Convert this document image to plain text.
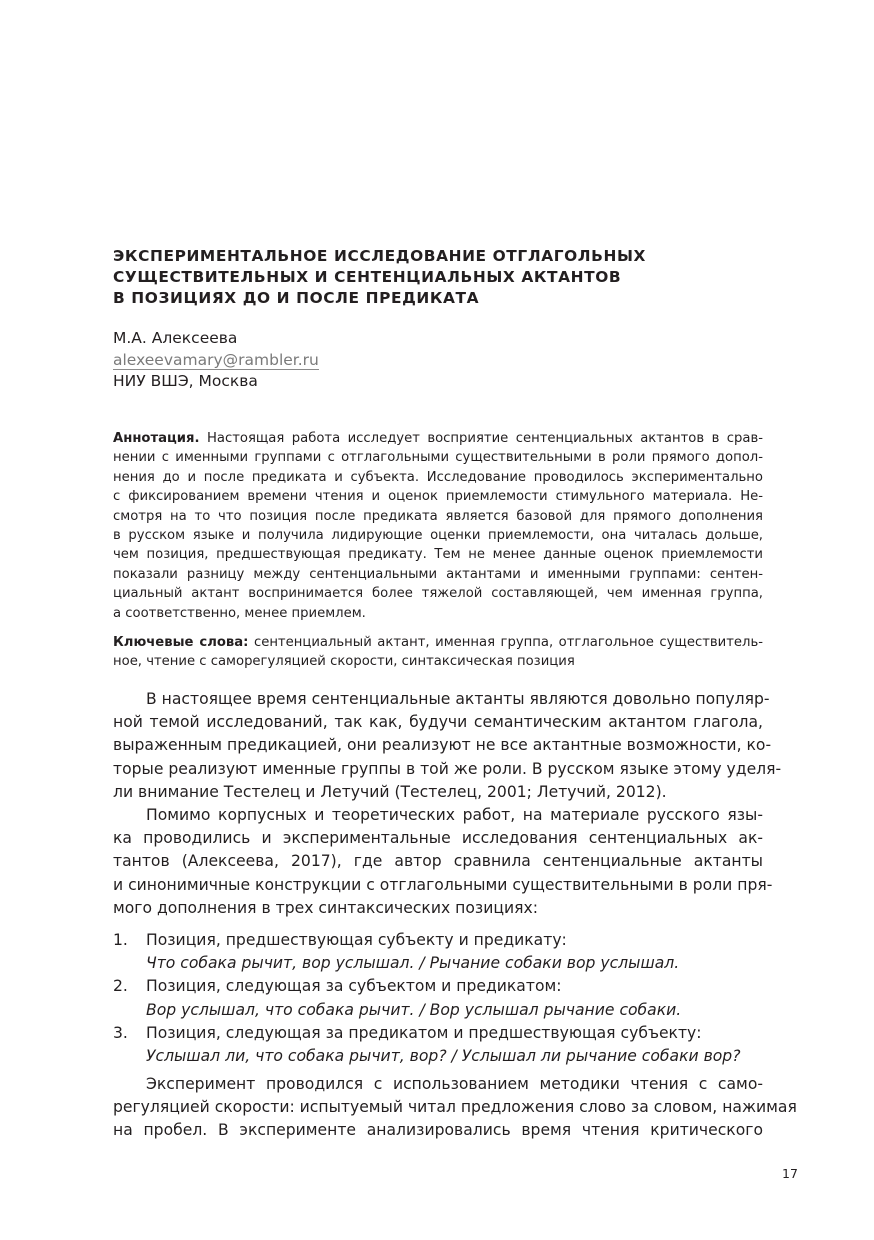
ЭКСПЕРИМЕНТАЛЬНОЕ ИССЛЕДОВАНИЕ ОТГЛАГОЛЬНЫХ
СУЩЕСТВИТЕЛЬНЫХ И СЕНТЕНЦИАЛЬНЫХ АКТАНТОВ
В ПОЗИЦИЯХ ДО И ПОСЛЕ ПРЕДИКАТА
М.А. Алексеева
alexeevamary@rambler.ru
НИУ ВШЭ, Москва
Аннотация. Настоящая работа исследует восприятие сентенциальных актантов в срав-
нении с именными группами с отглагольными существительными в роли прямого допол-
нения до и после предиката и субъекта. Исследование проводилось экспериментально
с фиксированием времени чтения и оценок приемлемости стимульного материала. Не-
смотря на то что позиция после предиката является базовой для прямого дополнения
в русском языке и получила лидирующие оценки приемлемости, она читалась дольше,
чем позиция, предшествующая предикату. Тем не менее данные оценок приемлемости
показали разницу между сентенциальными актантами и именными группами: сентен-
циальный актант воспринимается более тяжелой составляющей, чем именная группа,
а соответственно, менее приемлем.
Ключевые слова: сентенциальный актант, именная группа, отглагольное существитель-
ное, чтение с саморегуляцией скорости, синтаксическая позиция
В настоящее время сентенциальные актанты являются довольно популяр-
ной темой исследований, так как, будучи семантическим актантом глагола,
выраженным предикацией, они реализуют не все актантные возможности, ко-
торые реализуют именные группы в той же роли. В русском языке этому уделя-
ли внимание Тестелец и Летучий (Тестелец, 2001; Летучий, 2012).
Помимо корпусных и теоретических работ, на материале русского язы-
ка проводились и экспериментальные исследования сентенциальных ак-
тантов (Алексеева, 2017), где автор сравнила сентенциальные актанты
и синонимичные конструкции с отглагольными существительными в роли пря-
мого дополнения в трех синтаксических позициях:
1. Позиция, предшествующая субъекту и предикату:
Что собака рычит, вор услышал. / Рычание собаки вор услышал.
2. Позиция, следующая за субъектом и предикатом:
Вор услышал, что собака рычит. / Вор услышал рычание собаки.
3. Позиция, следующая за предикатом и предшествующая субъекту:
Услышал ли, что собака рычит, вор? / Услышал ли рычание собаки вор?
Эксперимент проводился с использованием методики чтения с само-
регуляцией скорости: испытуемый читал предложения слово за словом, нажимая
на пробел. В эксперименте анализировались время чтения критического
17
